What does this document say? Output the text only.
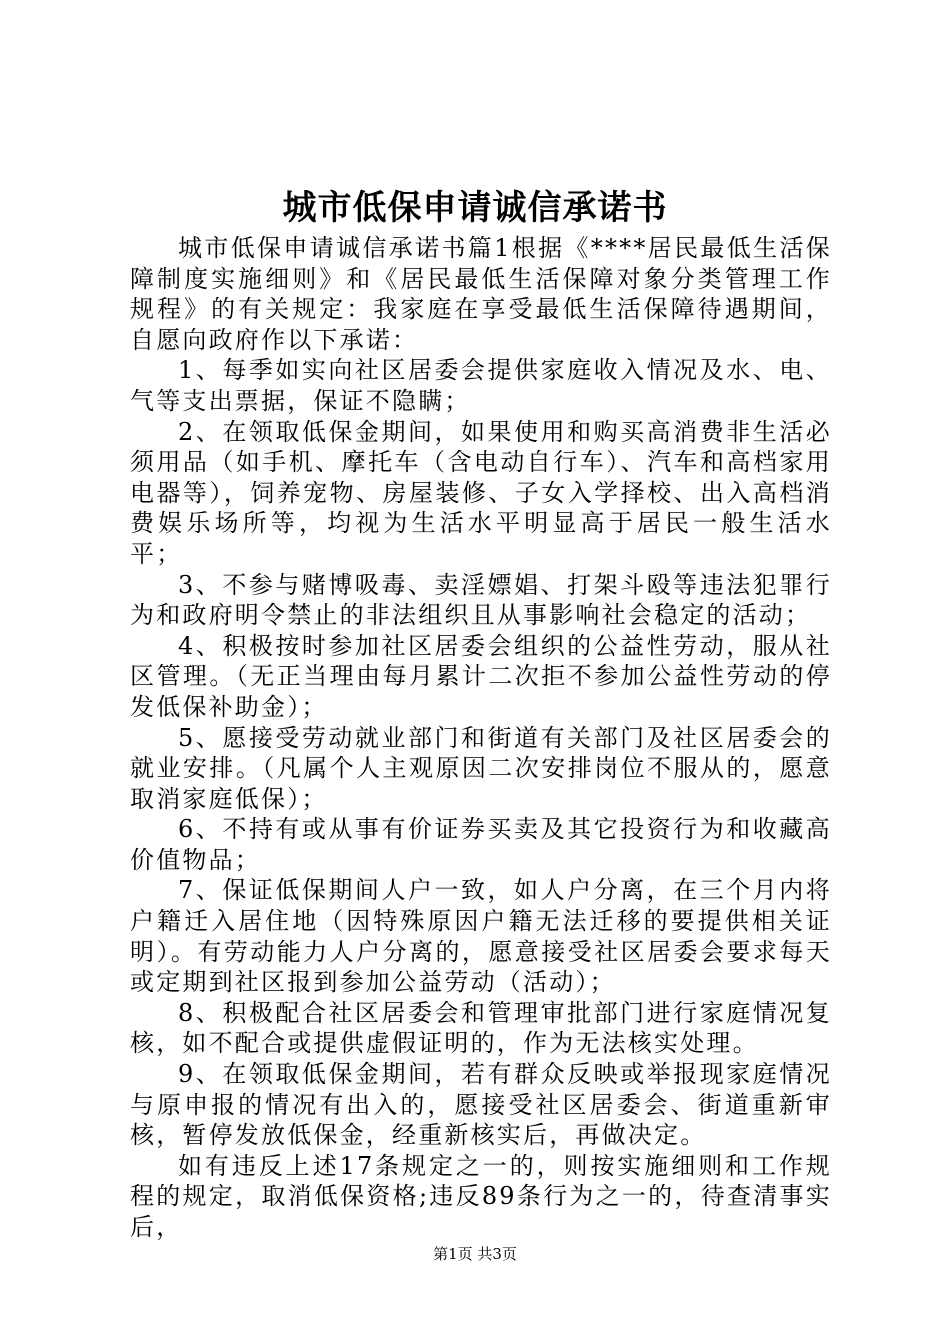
城市低保申请诚信承诺书

城市低保申请诚信承诺书篇1根据《****居民最低生活保障制度实施细则》和《居民最低生活保障对象分类管理工作规程》的有关规定：我家庭在享受最低生活保障待遇期间，自愿向政府作以下承诺：

1、每季如实向社区居委会提供家庭收入情况及水、电、气等支出票据，保证不隐瞒；

2、在领取低保金期间，如果使用和购买高消费非生活必须用品（如手机、摩托车（含电动自行车）、汽车和高档家用电器等），饲养宠物、房屋装修、子女入学择校、出入高档消费娱乐场所等，均视为生活水平明显高于居民一般生活水平；

3、不参与赌博吸毒、卖淫嫖娼、打架斗殴等违法犯罪行为和政府明令禁止的非法组织且从事影响社会稳定的活动；

4、积极按时参加社区居委会组织的公益性劳动，服从社区管理。（无正当理由每月累计二次拒不参加公益性劳动的停发低保补助金）；

5、愿接受劳动就业部门和街道有关部门及社区居委会的就业安排。（凡属个人主观原因二次安排岗位不服从的，愿意取消家庭低保）；

6、不持有或从事有价证券买卖及其它投资行为和收藏高价值物品；

7、保证低保期间人户一致，如人户分离，在三个月内将户籍迁入居住地（因特殊原因户籍无法迁移的要提供相关证明）。有劳动能力人户分离的，愿意接受社区居委会要求每天或定期到社区报到参加公益劳动（活动）；

8、积极配合社区居委会和管理审批部门进行家庭情况复核，如不配合或提供虚假证明的，作为无法核实处理。

9、在领取低保金期间，若有群众反映或举报现家庭情况与原申报的情况有出入的，愿接受社区居委会、街道重新审核，暂停发放低保金，经重新核实后，再做决定。

如有违反上述17条规定之一的，则按实施细则和工作规程的规定，取消低保资格;违反89条行为之一的，待查清事实后，

第1页 共3页
